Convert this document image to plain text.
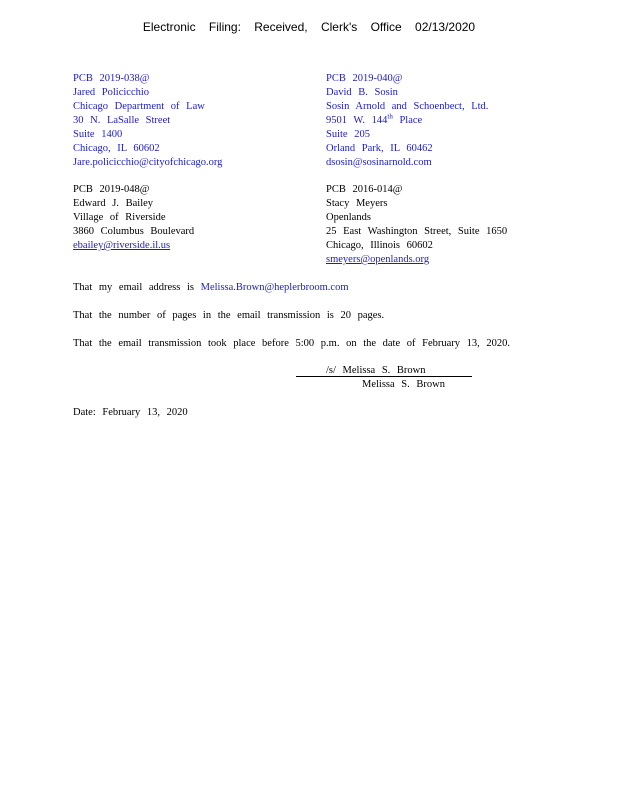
Electronic Filing: Received, Clerk's Office 02/13/2020
PCB 2019-038@
Jared Policicchio
Chicago Department of Law
30 N. LaSalle Street
Suite 1400
Chicago, IL 60602
Jare.policicchio@cityofchicago.org
PCB 2019-040@
David B. Sosin
Sosin Arnold and Schoenbect, Ltd.
9501 W. 144th Place
Suite 205
Orland Park, IL 60462
dsosin@sosinarnold.com
PCB 2019-048@
Edward J. Bailey
Village of Riverside
3860 Columbus Boulevard
ebailey@riverside.il.us
PCB 2016-014@
Stacy Meyers
Openlands
25 East Washington Street, Suite 1650
Chicago, Illinois 60602
smeyers@openlands.org
That my email address is Melissa.Brown@heplerbroom.com
That the number of pages in the email transmission is 20 pages.
That the email transmission took place before 5:00 p.m. on the date of February 13, 2020.
/s/ Melissa S. Brown
Melissa S. Brown
Date: February 13, 2020
